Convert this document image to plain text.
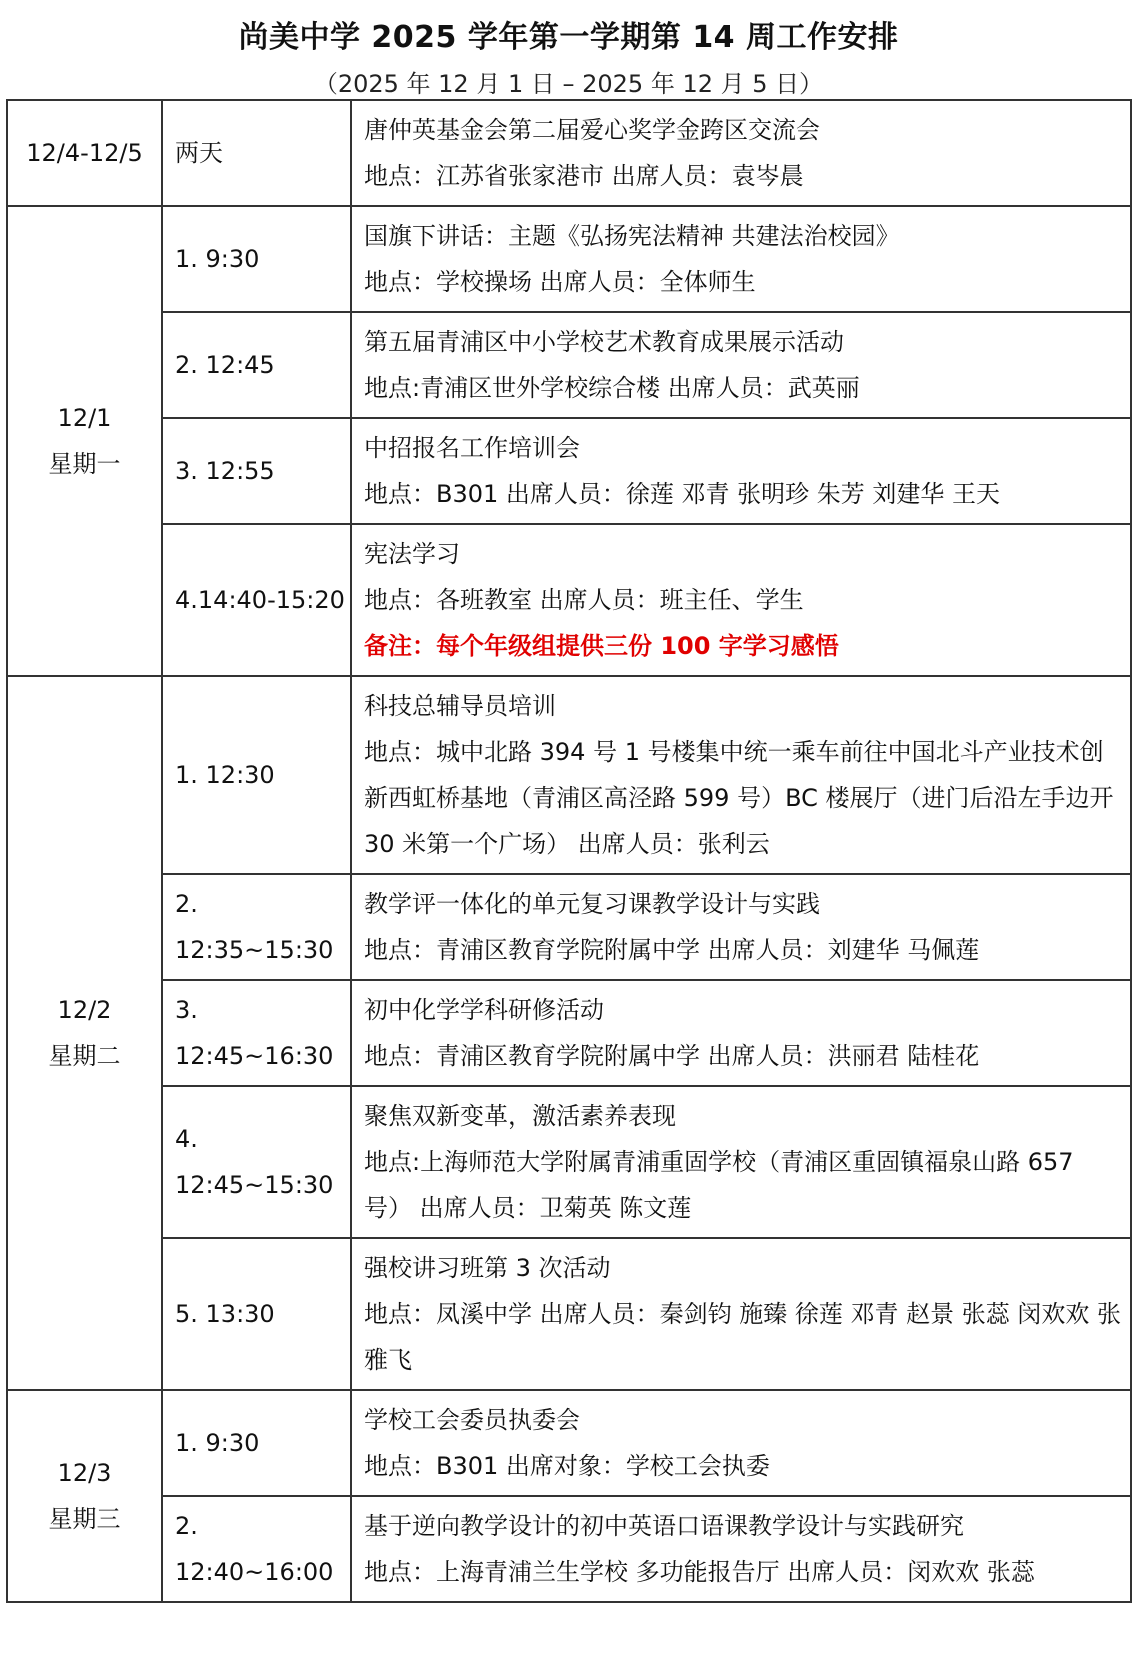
尚美中学 2025 学年第一学期第 14 周工作安排
（2025 年 12 月 1 日 – 2025 年 12 月 5 日）
12/4-12/5	两天	唐仲英基金会第二届爱心奖学金跨区交流会
地点：江苏省张家港市 出席人员：袁岑晨

12/1
星期一	1. 9:30	国旗下讲话：主题《弘扬宪法精神 共建法治校园》
地点：学校操场 出席人员：全体师生

	2. 12:45	第五届青浦区中小学校艺术教育成果展示活动
地点:青浦区世外学校综合楼 出席人员：武英丽

	3. 12:55	中招报名工作培训会
地点：B301 出席人员：徐莲 邓青 张明珍 朱芳 刘建华 王天

	4.14:40-15:20	宪法学习
地点：各班教室 出席人员：班主任、学生
备注：每个年级组提供三份 100 字学习感悟

12/2
星期二	1. 12:30	科技总辅导员培训
地点：城中北路 394 号 1 号楼集中统一乘车前往中国北斗产业技术创新西虹桥基地（青浦区高泾路 599 号）BC 楼展厅（进门后沿左手边开 30 米第一个广场） 出席人员：张利云

	2. 12:35~15:30	教学评一体化的单元复习课教学设计与实践
地点：青浦区教育学院附属中学 出席人员：刘建华 马佩莲

	3. 12:45~16:30	初中化学学科研修活动
地点：青浦区教育学院附属中学 出席人员：洪丽君 陆桂花

	4. 12:45~15:30	聚焦双新变革，激活素养表现
地点:上海师范大学附属青浦重固学校（青浦区重固镇福泉山路 657 号） 出席人员：卫菊英 陈文莲

	5. 13:30	强校讲习班第 3 次活动
地点：凤溪中学 出席人员：秦剑钧 施臻 徐莲 邓青 赵景 张蕊 闵欢欢 张雅飞

12/3
星期三	1. 9:30	学校工会委员执委会
地点：B301 出席对象：学校工会执委

	2. 12:40~16:00	基于逆向教学设计的初中英语口语课教学设计与实践研究
地点：上海青浦兰生学校 多功能报告厅 出席人员：闵欢欢 张蕊
